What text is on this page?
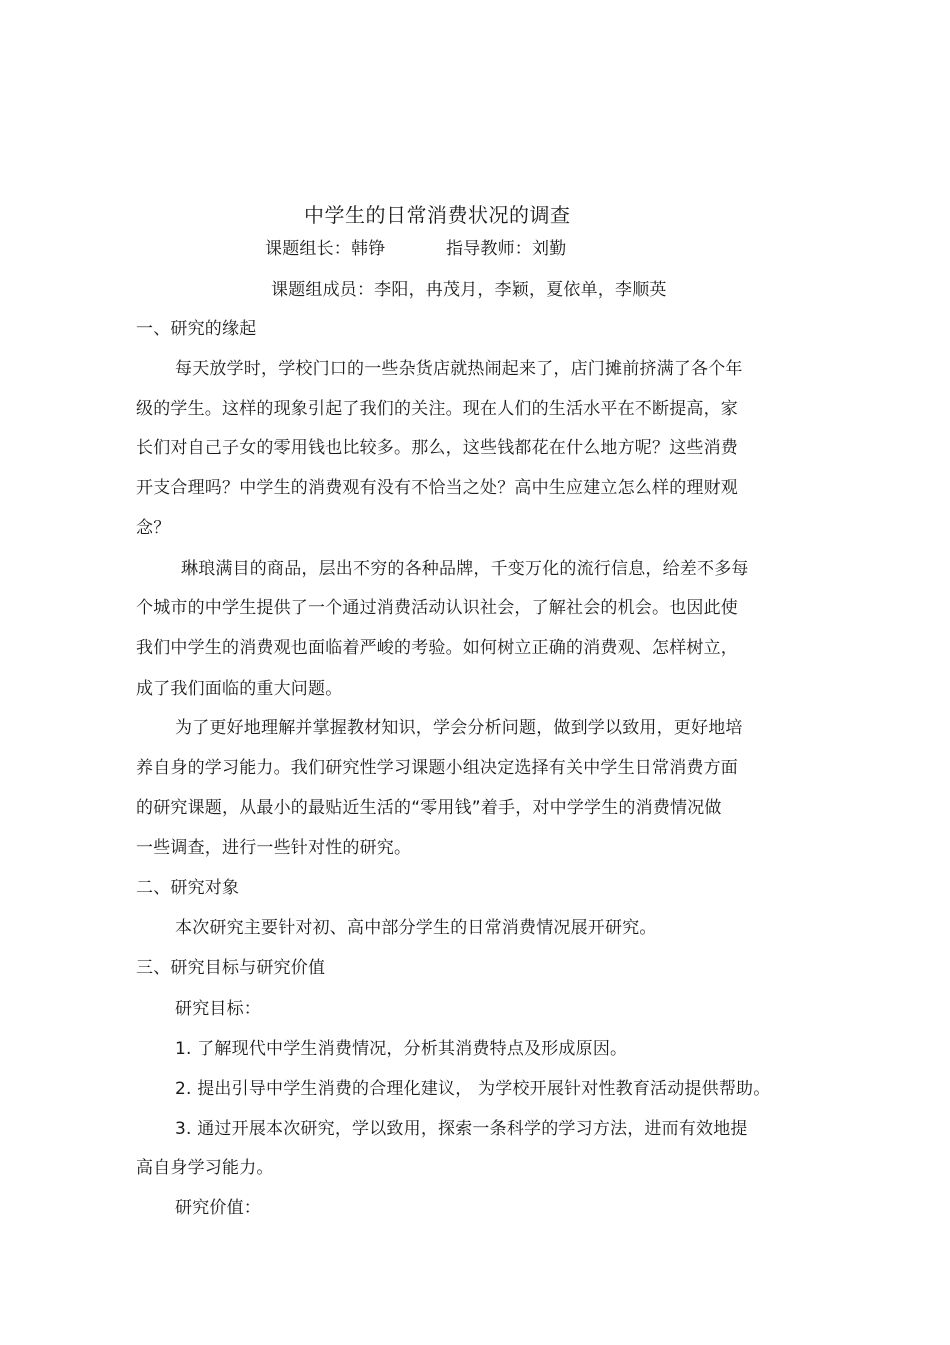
中学生的日常消费状况的调查
课题组长：韩铮	指导教师：刘勤
课题组成员：李阳，冉茂月，李颖，夏依单，李顺英
一、研究的缘起
每天放学时，学校门口的一些杂货店就热闹起来了，店门摊前挤满了各个年
级的学生。这样的现象引起了我们的关注。现在人们的生活水平在不断提高，家
长们对自己子女的零用钱也比较多。那么，这些钱都花在什么地方呢？这些消费
开支合理吗？中学生的消费观有没有不恰当之处？高中生应建立怎么样的理财观
念？
琳琅满目的商品，层出不穷的各种品牌，千变万化的流行信息，给差不多每
个城市的中学生提供了一个通过消费活动认识社会，了解社会的机会。也因此使
我们中学生的消费观也面临着严峻的考验。如何树立正确的消费观、怎样树立，
成了我们面临的重大问题。
为了更好地理解并掌握教材知识，学会分析问题，做到学以致用，更好地培
养自身的学习能力。我们研究性学习课题小组决定选择有关中学生日常消费方面
的研究课题，从最小的最贴近生活的“零用钱”着手，对中学学生的消费情况做
一些调查，进行一些针对性的研究。
二、研究对象
本次研究主要针对初、高中部分学生的日常消费情况展开研究。
三、研究目标与研究价值
研究目标：
1. 了解现代中学生消费情况，分析其消费特点及形成原因。
2. 提出引导中学生消费的合理化建议， 为学校开展针对性教育活动提供帮助。
3. 通过开展本次研究，学以致用，探索一条科学的学习方法，进而有效地提
高自身学习能力。
研究价值：
